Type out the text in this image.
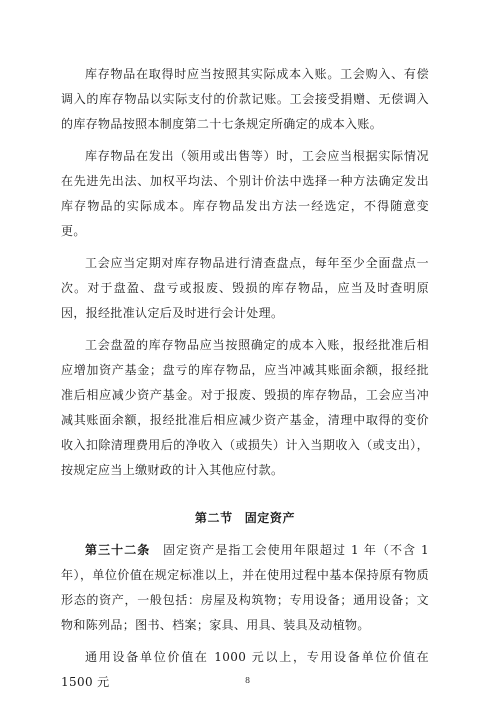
库存物品在取得时应当按照其实际成本入账。工会购入、有偿调入的库存物品以实际支付的价款记账。工会接受捐赠、无偿调入的库存物品按照本制度第二十七条规定所确定的成本入账。

库存物品在发出（领用或出售等）时，工会应当根据实际情况在先进先出法、加权平均法、个别计价法中选择一种方法确定发出库存物品的实际成本。库存物品发出方法一经选定，不得随意变更。

工会应当定期对库存物品进行清查盘点，每年至少全面盘点一次。对于盘盈、盘亏或报废、毁损的库存物品，应当及时查明原因，报经批准认定后及时进行会计处理。

工会盘盈的库存物品应当按照确定的成本入账，报经批准后相应增加资产基金；盘亏的库存物品，应当冲减其账面余额，报经批准后相应减少资产基金。对于报废、毁损的库存物品，工会应当冲减其账面余额，报经批准后相应减少资产基金，清理中取得的变价收入扣除清理费用后的净收入（或损失）计入当期收入（或支出），按规定应当上缴财政的计入其他应付款。

第二节 固定资产

第三十二条 固定资产是指工会使用年限超过 1 年（不含 1 年），单位价值在规定标准以上，并在使用过程中基本保持原有物质形态的资产，一般包括：房屋及构筑物；专用设备；通用设备；文物和陈列品；图书、档案；家具、用具、装具及动植物。

通用设备单位价值在 1000 元以上，专用设备单位价值在 1500 元	8
